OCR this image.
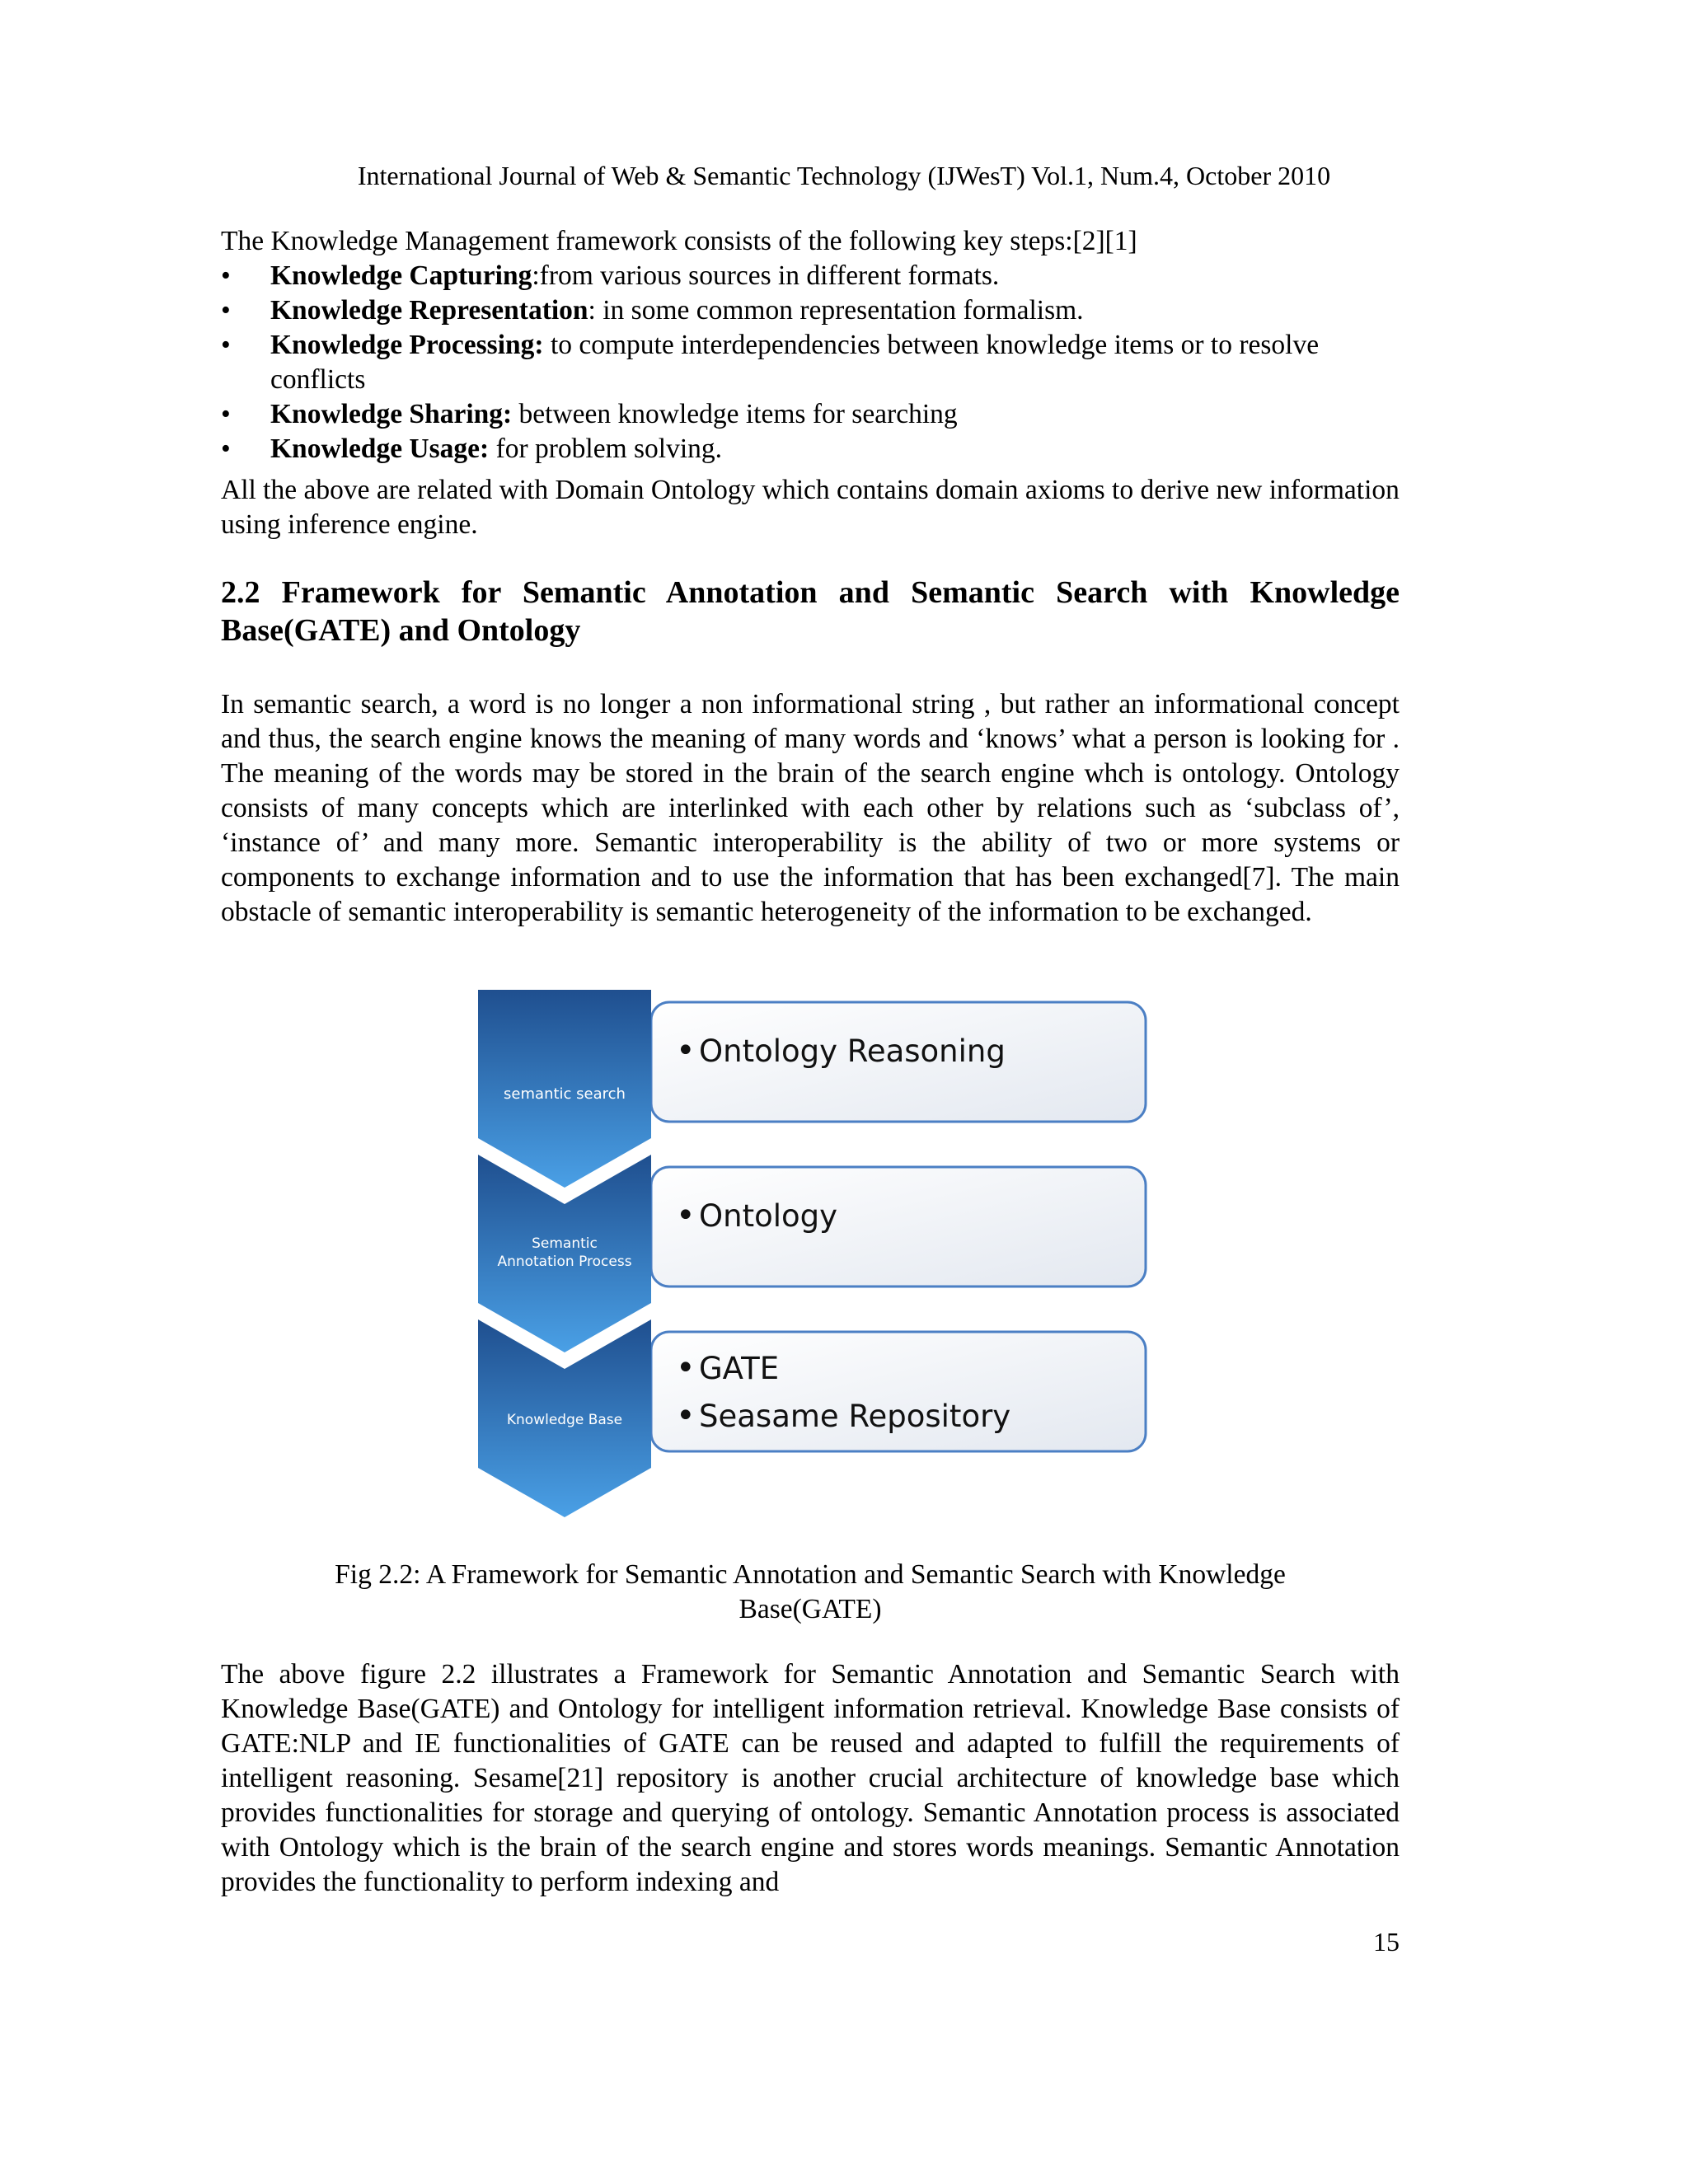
International Journal of Web & Semantic Technology (IJWesT) Vol.1, Num.4, October 2010
The Knowledge Management framework consists of the following key steps:[2][1]
•	Knowledge Capturing:from various sources in different formats.
•	Knowledge Representation: in some common representation formalism.
•	Knowledge Processing: to compute interdependencies between knowledge items or to resolve conflicts
•	Knowledge Sharing: between knowledge items for searching
•	Knowledge Usage: for problem solving.
All the above are related with Domain Ontology which contains domain axioms to derive new information using inference engine.
2.2 Framework for Semantic Annotation and Semantic Search with Knowledge Base(GATE) and Ontology
In semantic search, a word is no longer a non informational string , but rather an informational concept and thus, the search engine knows the meaning of many words and ‘knows’ what a person is looking for . The meaning of the words may be stored in the brain of the search engine whch is ontology. Ontology consists of many concepts which are interlinked with each other by relations such as ‘subclass of’, ‘instance of’ and many more. Semantic interoperability is the ability of two or more systems or components to exchange information and to use the information that has been exchanged[7]. The main obstacle of semantic interoperability is semantic heterogeneity of the information to be exchanged.
semantic search
• Ontology Reasoning
Semantic
Annotation Process
• Ontology
Knowledge Base
• GATE
• Seasame Repository
Fig 2.2: A Framework for Semantic Annotation and Semantic Search with Knowledge
Base(GATE)
The above figure 2.2 illustrates a Framework for Semantic Annotation and Semantic Search with Knowledge Base(GATE) and Ontology for intelligent information retrieval. Knowledge Base consists of GATE:NLP and IE functionalities of GATE can be reused and adapted to fulfill the requirements of intelligent reasoning. Sesame[21] repository is another crucial architecture of knowledge base which provides functionalities for storage and querying of ontology. Semantic Annotation process is associated with Ontology which is the brain of the search engine and stores words meanings. Semantic Annotation provides the functionality to perform indexing and
15
